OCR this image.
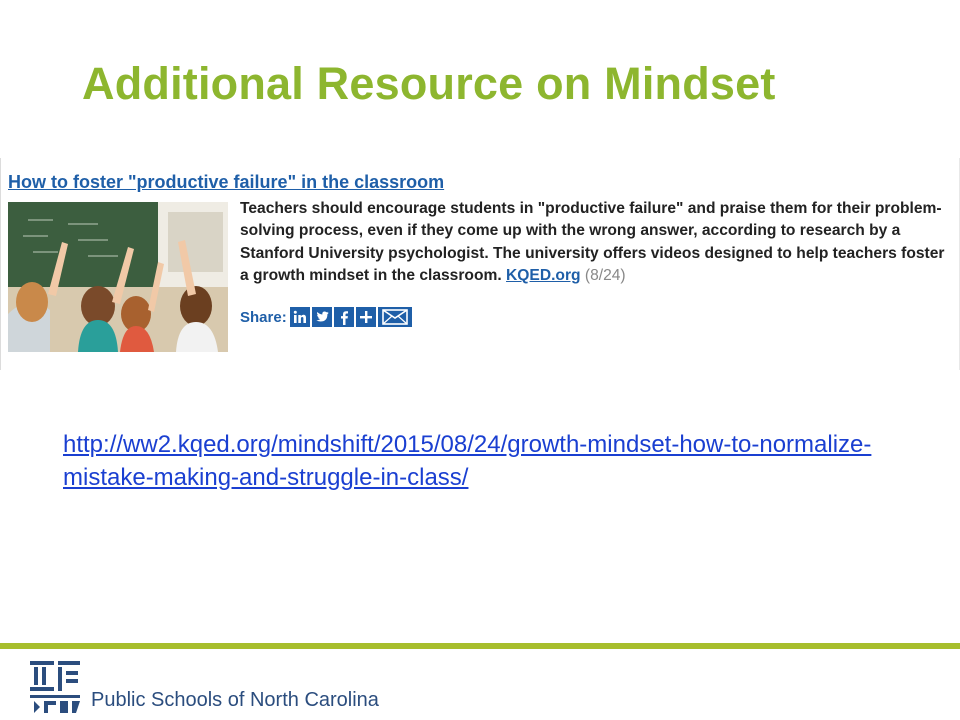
Additional Resource on Mindset
How to foster "productive failure" in the classroom
Teachers should encourage students in "productive failure" and praise them for their problem-solving process, even if they come up with the wrong answer, according to research by a Stanford University psychologist. The university offers videos designed to help teachers foster a growth mindset in the classroom. KQED.org (8/24)
Share:
http://ww2.kqed.org/mindshift/2015/08/24/growth-mindset-how-to-normalize-mistake-making-and-struggle-in-class/
Public Schools of North Carolina
